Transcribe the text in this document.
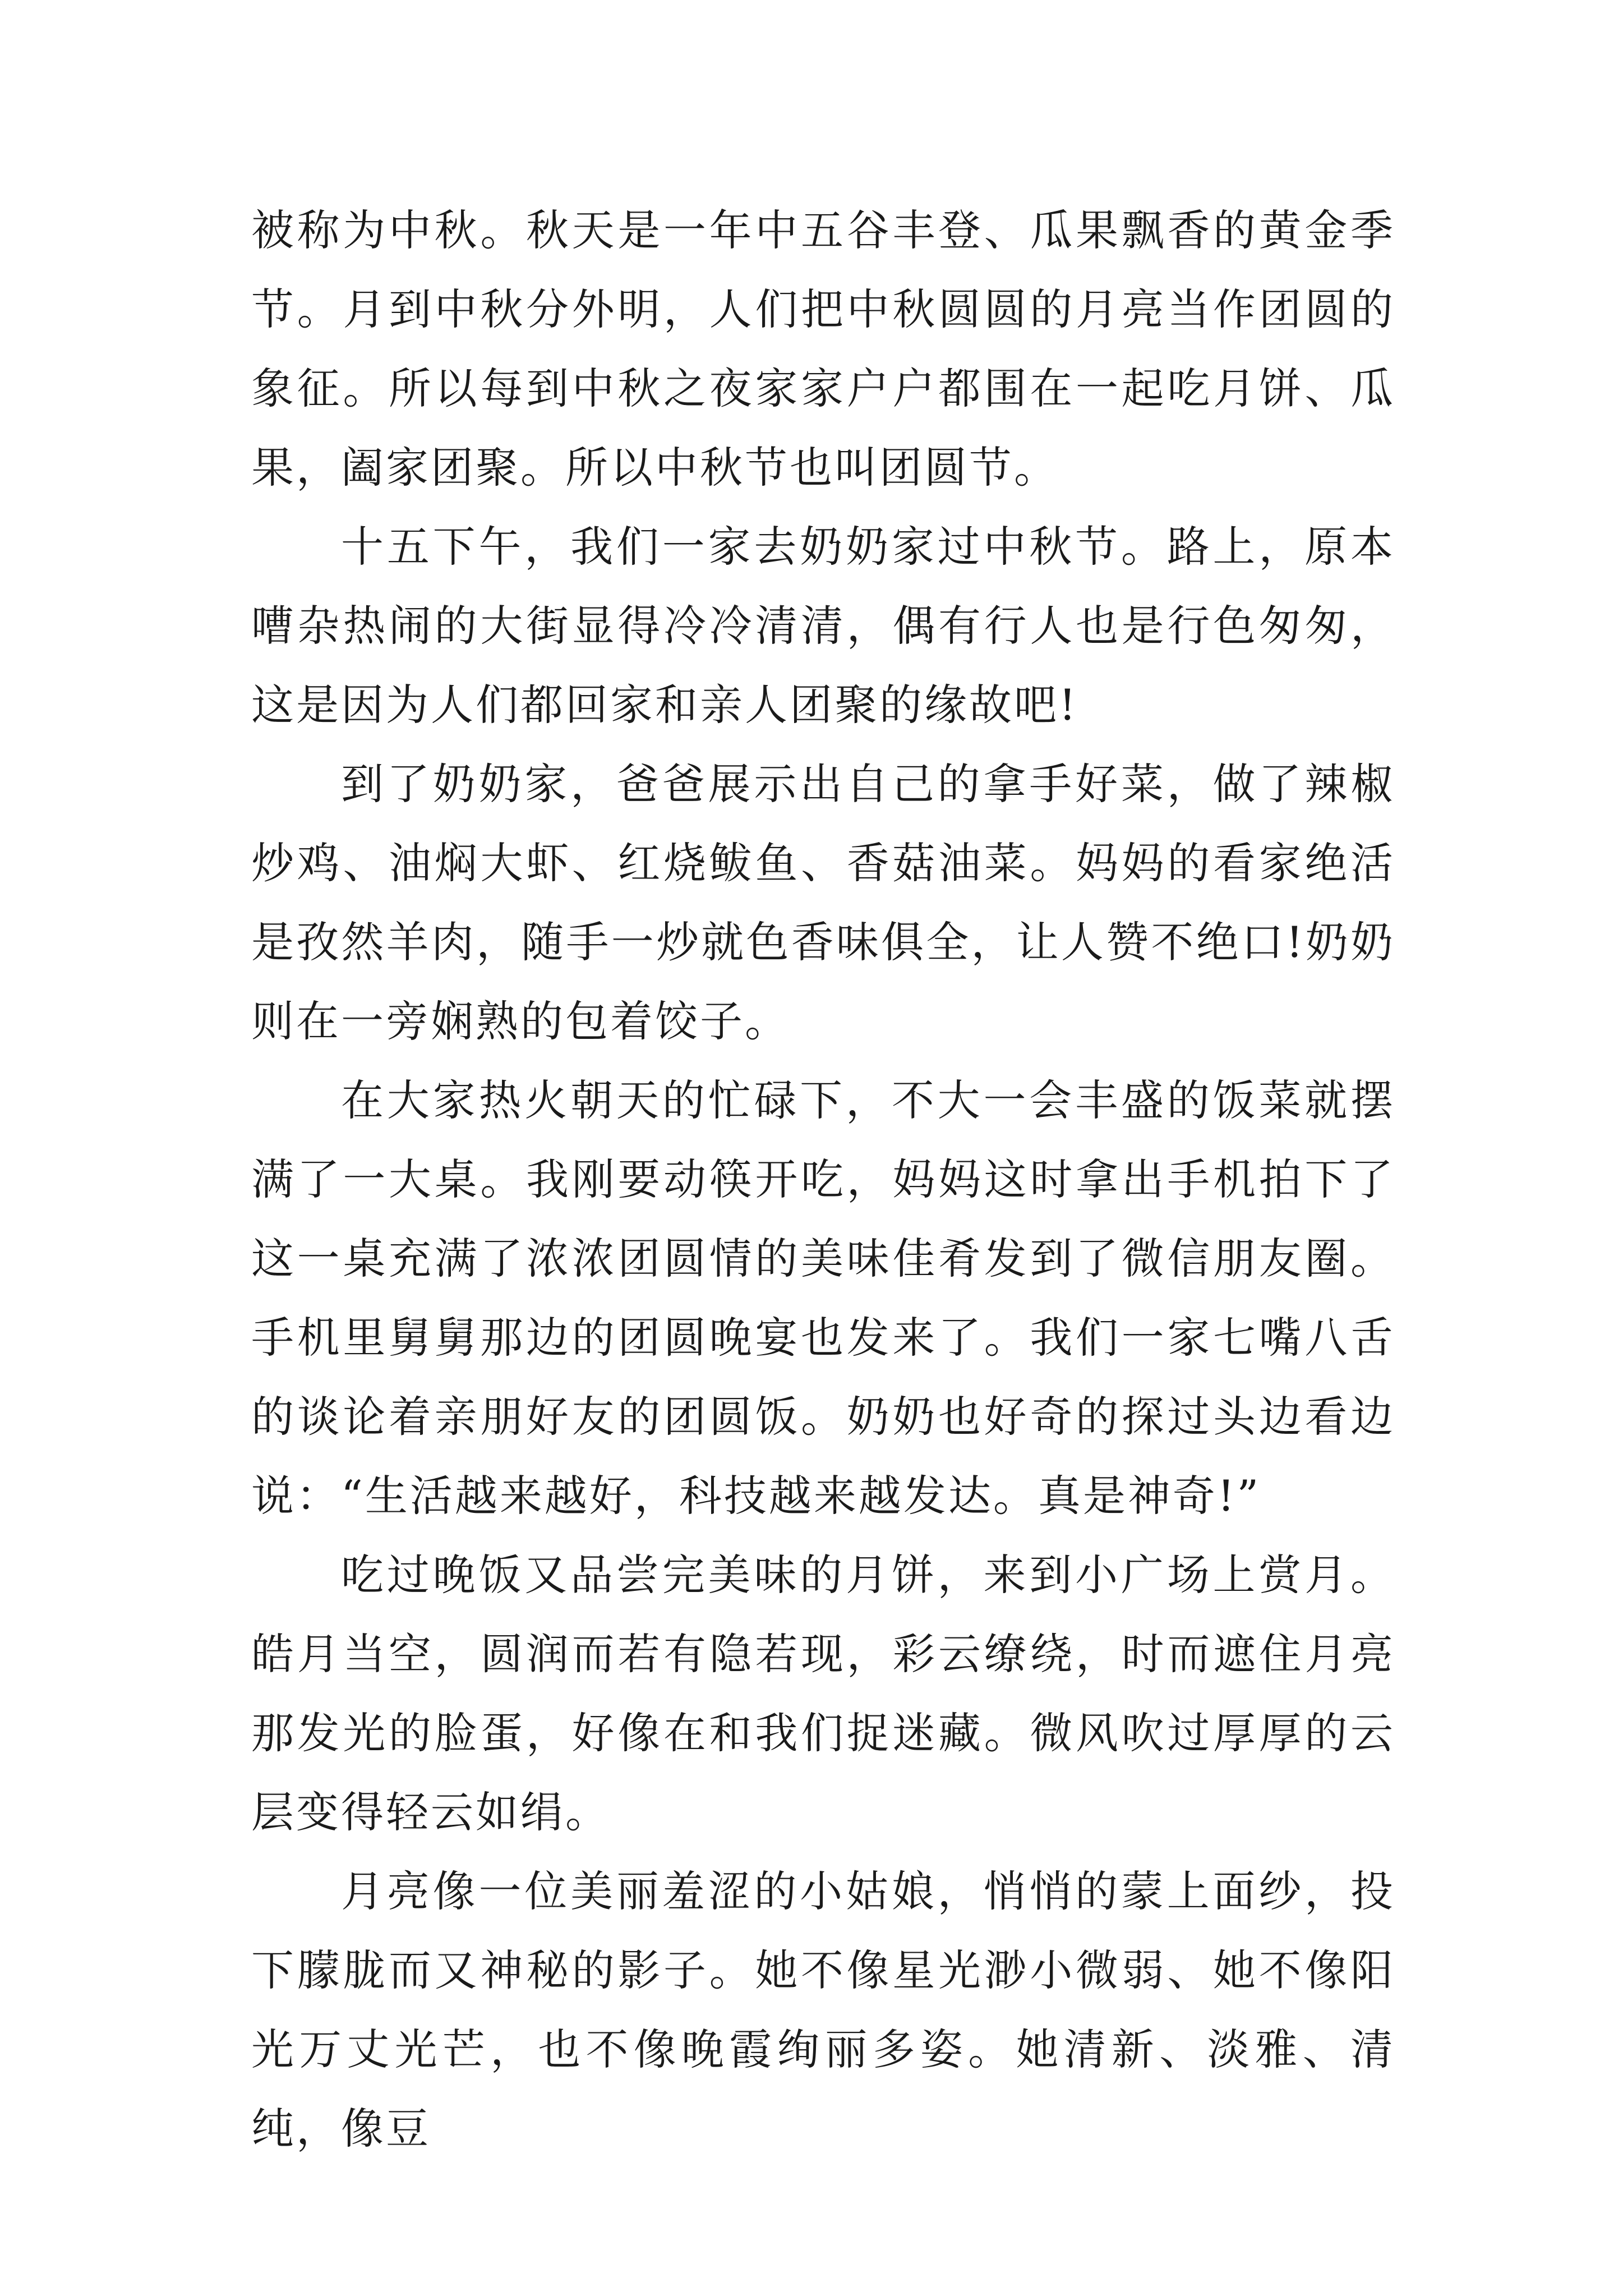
被称为中秋。秋天是一年中五谷丰登、瓜果飘香的黄金季节。月到中秋分外明，人们把中秋圆圆的月亮当作团圆的象征。所以每到中秋之夜家家户户都围在一起吃月饼、瓜果，阖家团聚。所以中秋节也叫团圆节。

十五下午，我们一家去奶奶家过中秋节。路上，原本嘈杂热闹的大街显得冷冷清清，偶有行人也是行色匆匆，这是因为人们都回家和亲人团聚的缘故吧!

到了奶奶家，爸爸展示出自己的拿手好菜，做了辣椒炒鸡、油焖大虾、红烧鲅鱼、香菇油菜。妈妈的看家绝活是孜然羊肉，随手一炒就色香味俱全，让人赞不绝口!奶奶则在一旁娴熟的包着饺子。

在大家热火朝天的忙碌下，不大一会丰盛的饭菜就摆满了一大桌。我刚要动筷开吃，妈妈这时拿出手机拍下了这一桌充满了浓浓团圆情的美味佳肴发到了微信朋友圈。手机里舅舅那边的团圆晚宴也发来了。我们一家七嘴八舌的谈论着亲朋好友的团圆饭。奶奶也好奇的探过头边看边说：“生活越来越好，科技越来越发达。真是神奇!”

吃过晚饭又品尝完美味的月饼，来到小广场上赏月。皓月当空，圆润而若有隐若现，彩云缭绕，时而遮住月亮那发光的脸蛋，好像在和我们捉迷藏。微风吹过厚厚的云层变得轻云如绢。

月亮像一位美丽羞涩的小姑娘，悄悄的蒙上面纱，投下朦胧而又神秘的影子。她不像星光渺小微弱、她不像阳光万丈光芒，也不像晚霞绚丽多姿。她清新、淡雅、清纯，像豆
